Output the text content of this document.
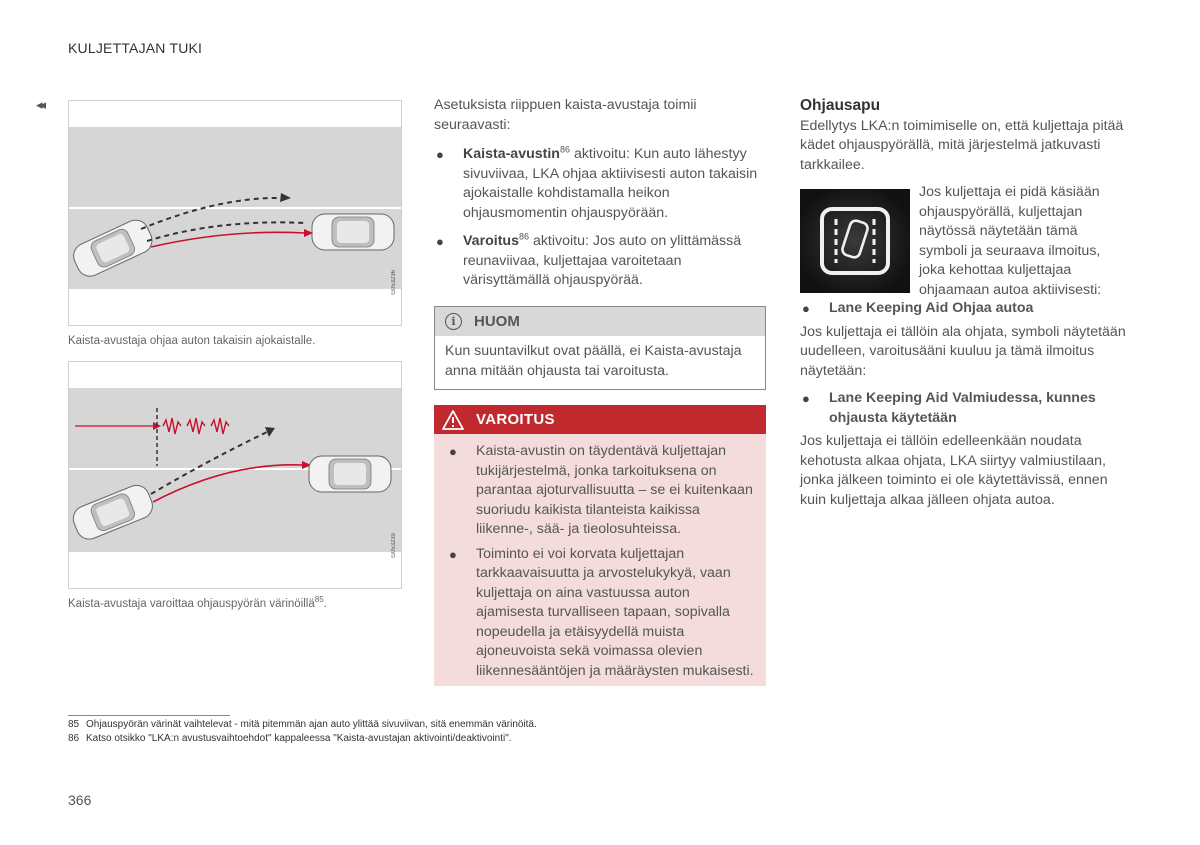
KULJETTAJAN TUKI
◂◂
G053236
Kaista-avustaja ohjaa auton takaisin ajokaistalle.
G053239
Kaista-avustaja varoittaa ohjauspyörän värinöillä$^{85}$.

Asetuksista riippuen kaista-avustaja toimii seuraavasti:

● Kaista-avustin$^{86}$ aktivoitu: Kun auto lähestyy sivuviivaa, LKA ohjaa aktiivisesti auton takaisin ajokaistalle kohdistamalla heikon ohjausmomentin ohjauspyörään.
● Varoitus$^{86}$ aktivoitu: Jos auto on ylittämässä reunaviivaa, kuljettajaa varoitetaan värisyttämällä ohjauspyörää.
i	HUOM
Kun suuntavilkut ovat päällä, ei Kaista-avustaja anna mitään ohjausta tai varoitusta.
VAROITUS
● Kaista-avustin on täydentävä kuljettajan tukijärjestelmä, jonka tarkoituksena on parantaa ajoturvallisuutta – se ei kuitenkaan suoriudu kaikista tilanteista kaikissa liikenne-, sää- ja tieolosuhteissa.
● Toiminto ei voi korvata kuljettajan tarkkaavaisuutta ja arvostelukykyä, vaan kuljettaja on aina vastuussa auton ajamisesta turvalliseen tapaan, sopivalla nopeudella ja etäisyydellä muista ajoneuvoista sekä voimassa olevien liikennesääntöjen ja määräysten mukaisesti.
Ohjausapu

Edellytys LKA:n toimimiselle on, että kuljettaja pitää kädet ohjauspyörällä, mitä järjestelmä jatkuvasti tarkkailee.

Jos kuljettaja ei pidä käsiään ohjauspyörällä, kuljettajan näytössä näytetään tämä symboli ja seuraava ilmoitus, joka kehottaa kuljettajaa ohjaamaan autoa aktiivisesti:
● Lane Keeping Aid Ohjaa autoa

Jos kuljettaja ei tällöin ala ohjata, symboli näytetään uudelleen, varoitusääni kuuluu ja tämä ilmoitus näytetään:

● Lane Keeping Aid Valmiudessa, kunnes ohjausta käytetään

Jos kuljettaja ei tällöin edelleenkään noudata kehotusta alkaa ohjata, LKA siirtyy valmiustilaan, jonka jälkeen toiminto ei ole käytettävissä, ennen kuin kuljettaja alkaa jälleen ohjata autoa.

85 Ohjauspyörän värinät vaihtelevat - mitä pitemmän ajan auto ylittää sivuviivan, sitä enemmän värinöitä.
86 Katso otsikko "LKA:n avustusvaihtoehdot" kappaleessa "Kaista-avustajan aktivointi/deaktivointi".
366
